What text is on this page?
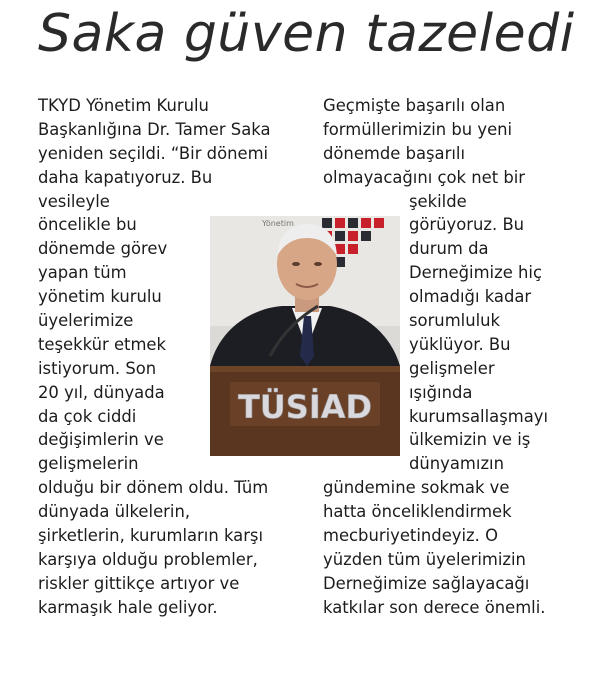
Saka güven tazeledi
TKYD Yönetim Kurulu
Başkanlığına Dr. Tamer Saka
yeniden seçildi. “Bir dönemi
daha kapatıyoruz. Bu
vesileyle
öncelikle bu
dönemde görev
yapan tüm
yönetim kurulu
üyelerimize
teşekkür etmek
istiyorum. Son
20 yıl, dünyada
da çok ciddi
değişimlerin ve
gelişmelerin
olduğu bir dönem oldu. Tüm
dünyada ülkelerin,
şirketlerin, kurumların karşı
karşıya olduğu problemler,
riskler gittikçe artıyor ve
karmaşık hale geliyor.
Geçmişte başarılı olan
formüllerimizin bu yeni
dönemde başarılı
olmayacağını çok net bir
şekilde
görüyoruz. Bu
durum da
Derneğimize hiç
olmadığı kadar
sorumluluk
yüklüyor. Bu
gelişmeler
ışığında
kurumsallaşmayı
ülkemizin ve iş
dünyamızın
gündemine sokmak ve
hatta önceliklendirmek
mecburiyetindeyiz. O
yüzden tüm üyelerimizin
Derneğimize sağlayacağı
katkılar son derece önemli.
Yönetim
TÜSİAD
